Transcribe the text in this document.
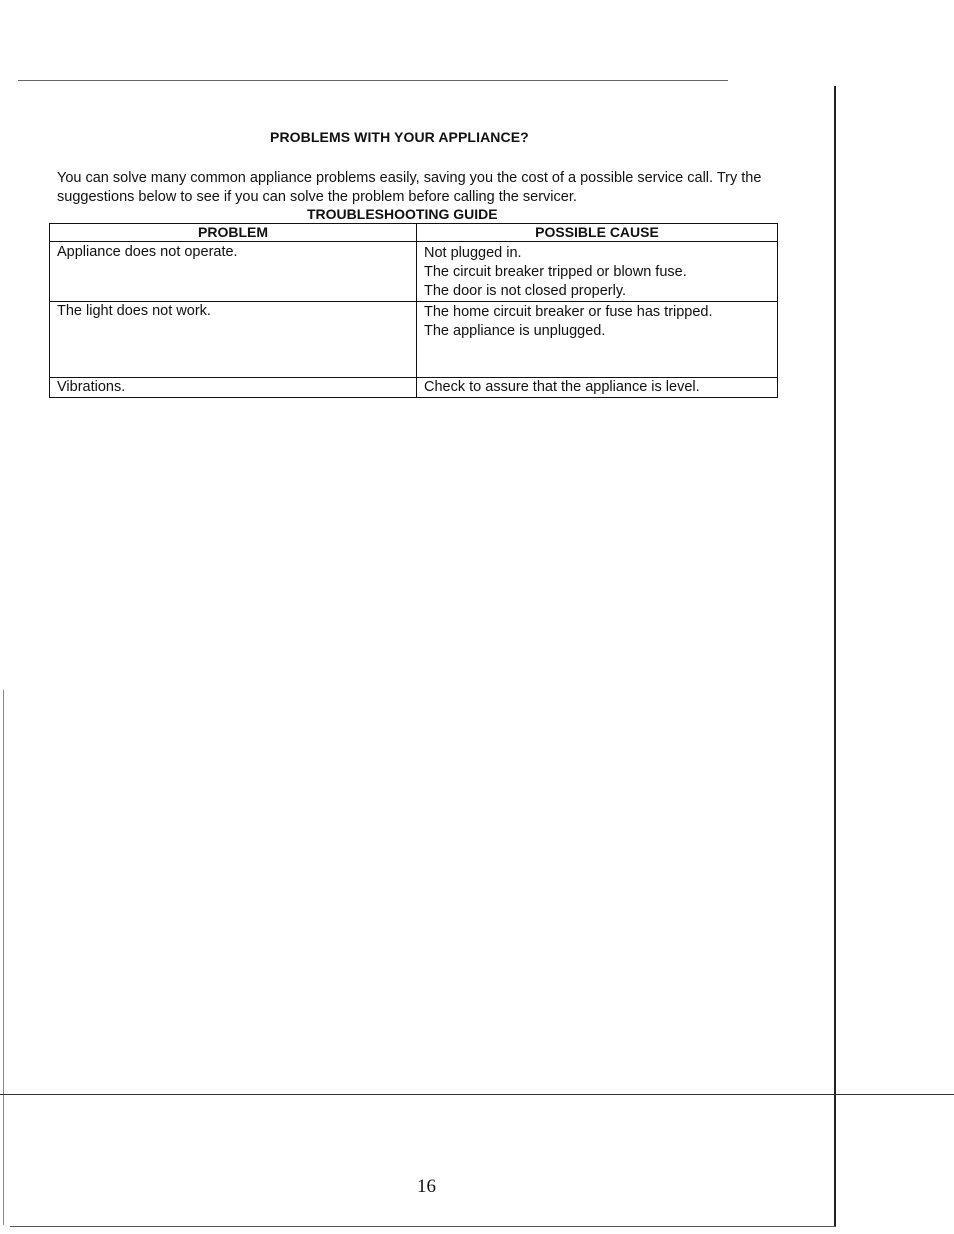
PROBLEMS WITH YOUR APPLIANCE?
You can solve many common appliance problems easily, saving you the cost of a possible service call. Try the suggestions below to see if you can solve the problem before calling the servicer.
TROUBLESHOOTING GUIDE
PROBLEM	POSSIBLE CAUSE
Appliance does not operate.	Not plugged in.
The circuit breaker tripped or blown fuse.
The door is not closed properly.

The light does not work.	The home circuit breaker or fuse has tripped.
The appliance is unplugged.

Vibrations.	Check to assure that the appliance is level.
16
